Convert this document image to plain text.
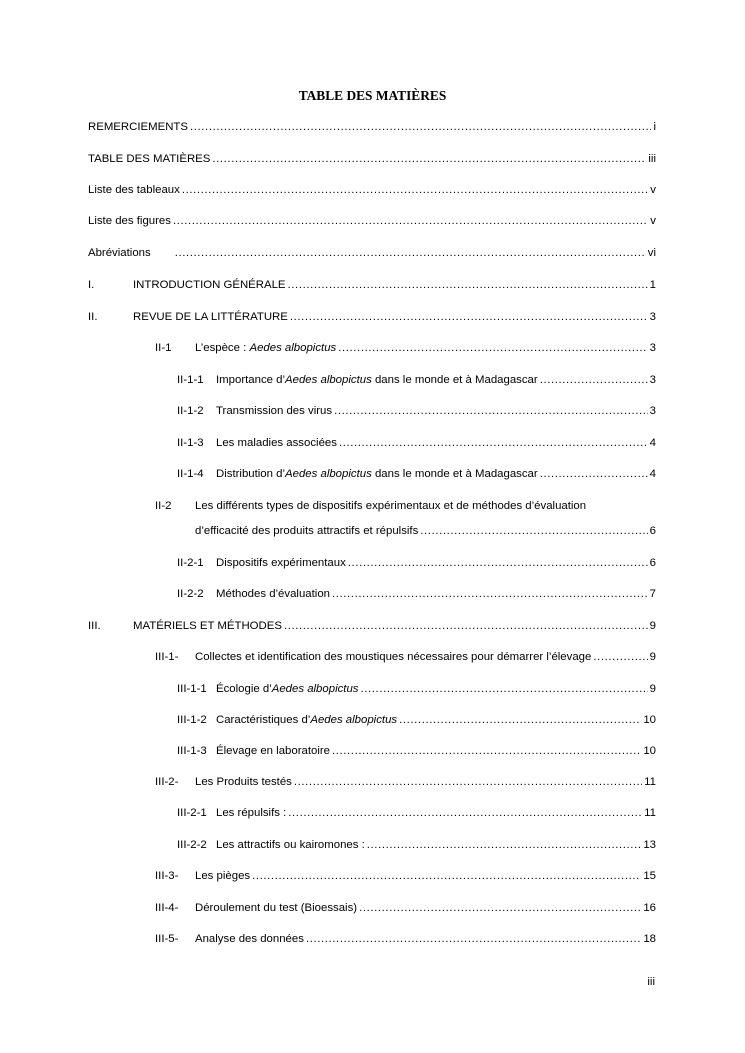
TABLE DES MATIÈRES
REMERCIEMENTS .....	i
TABLE DES MATIÈRES .....	iii
Liste des tableaux .....	v
Liste des figures .....	v
Abréviations .....	vi
I.	INTRODUCTION GÉNÉRALE .....	1
II.	REVUE DE LA LITTÉRATURE .....	3
II-1	L’espèce : Aedes albopictus .....	3
II-1-1	Importance d’Aedes albopictus dans le monde et à Madagascar .....	3
II-1-2	Transmission des virus .....	3
II-1-3	Les maladies associées .....	4
II-1-4	Distribution d’Aedes albopictus dans le monde et à Madagascar .....	4
II-2 Les différents types de dispositifs expérimentaux et de méthodes d’évaluation
d’efficacité des produits attractifs et répulsifs .....	6
II-2-1	Dispositifs expérimentaux .....	6
II-2-2	Méthodes d’évaluation .....	7
III.	MATÉRIELS ET MÉTHODES .....	9
III-1-	Collectes et identification des moustiques nécessaires pour démarrer l’élevage .....	9
III-1-1 Écologie d’Aedes albopictus .....	9
III-1-2 Caractéristiques d’Aedes albopictus .....	10
III-1-3 Élevage en laboratoire .....	10
III-2-	Les Produits testés .....	11
III-2-1 Les répulsifs : .....	11
III-2-2 Les attractifs ou kairomones : .....	13
III-3-	Les pièges .....	15
III-4-	Déroulement du test (Bioessais) .....	16
III-5-	Analyse des données .....	18
iii
